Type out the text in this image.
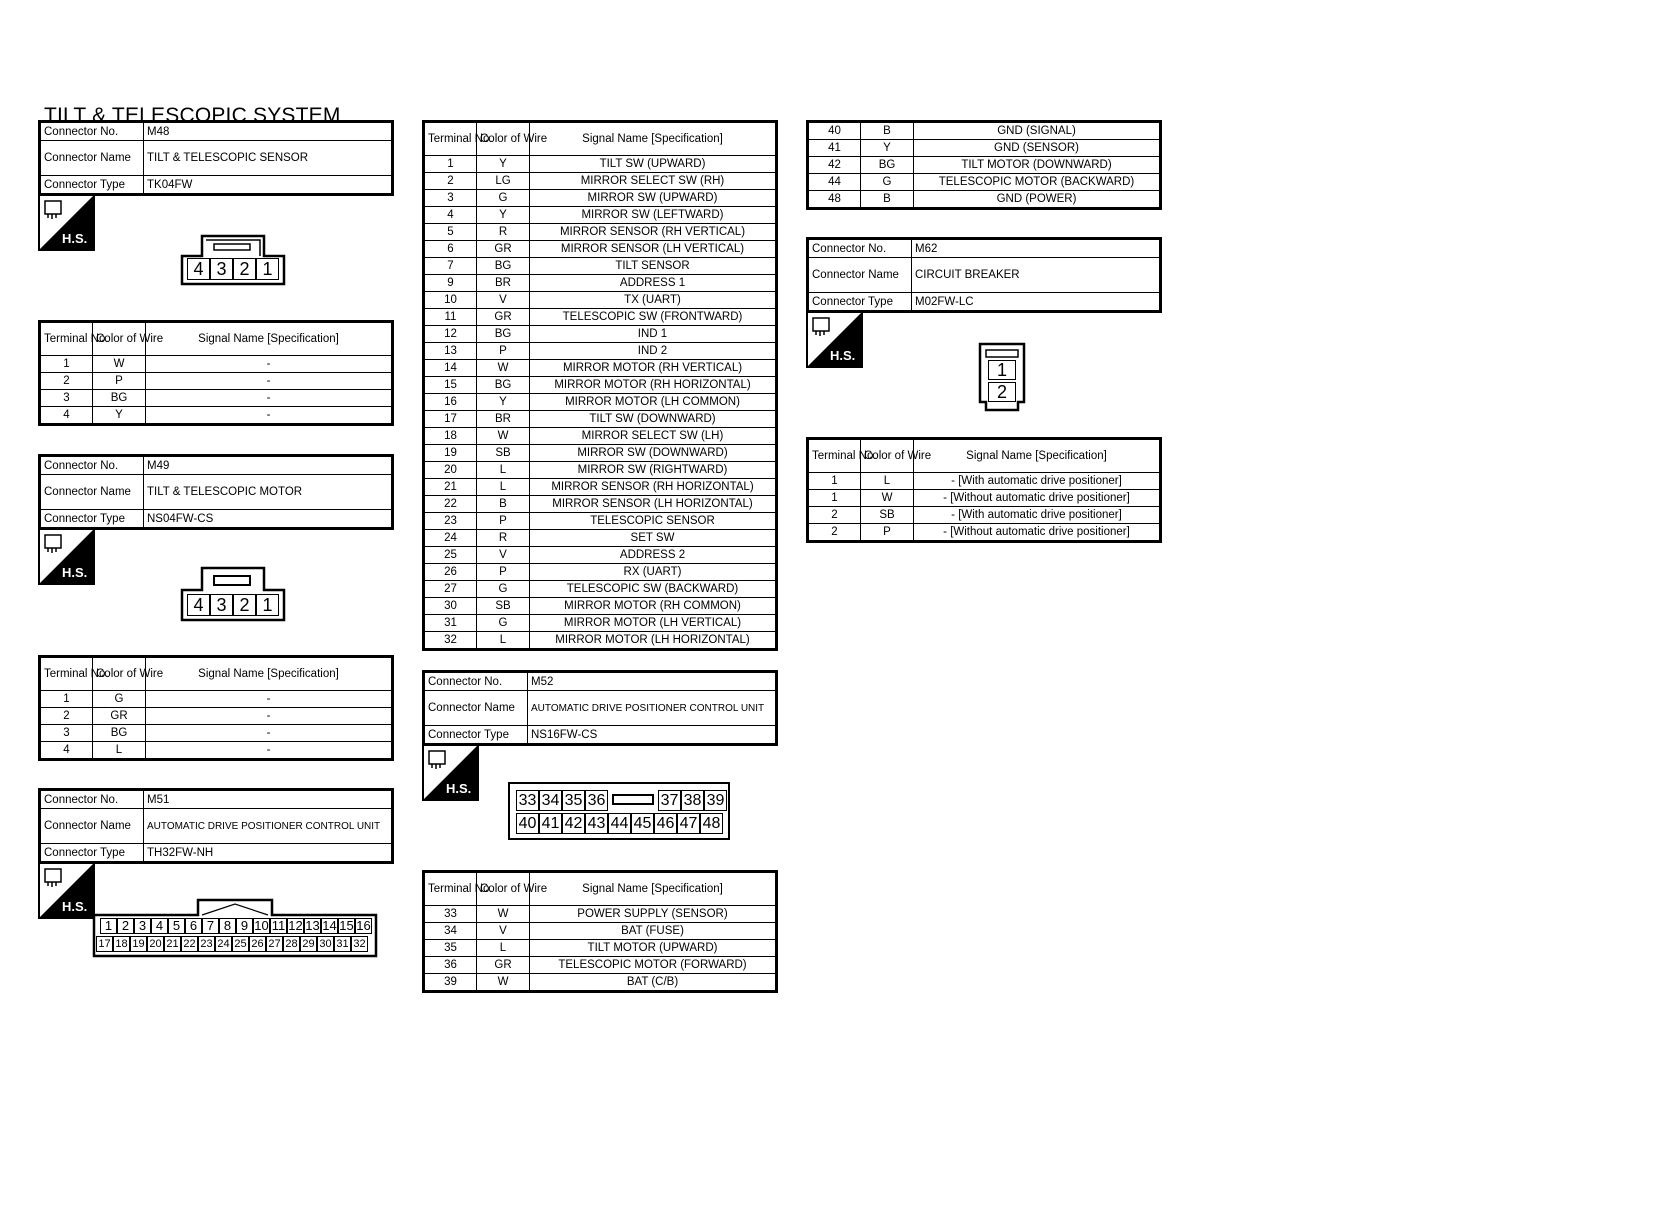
TILT & TELESCOPIC SYSTEM
Connector No.	M48
Connector Name	TILT & TELESCOPIC SENSOR
Connector Type	TK04FW
H.S.
4 3 2 1
Terminal No.	Color of Wire	Signal Name [Specification]
1	W	-
2	P	-
3	BG	-
4	Y	-
Connector No.	M49
Connector Name	TILT & TELESCOPIC MOTOR
Connector Type	NS04FW-CS
H.S.
4 3 2 1
Terminal No.	Color of Wire	Signal Name [Specification]
1	G	-
2	GR	-
3	BG	-
4	L	-
Connector No.	M51
Connector Name	AUTOMATIC DRIVE POSITIONER CONTROL UNIT
Connector Type	TH32FW-NH
H.S.
1 2 3 4 5 6 7 8 9 10 11 12 13 14 15 16
17 18 19 20 21 22 23 24 25 26 27 28 29 30 31 32
Terminal No.	Color of Wire	Signal Name [Specification]
1	Y	TILT SW (UPWARD)
2	LG	MIRROR SELECT SW (RH)
3	G	MIRROR SW (UPWARD)
4	Y	MIRROR SW (LEFTWARD)
5	R	MIRROR SENSOR (RH VERTICAL)
6	GR	MIRROR SENSOR (LH VERTICAL)
7	BG	TILT SENSOR
9	BR	ADDRESS 1
10	V	TX (UART)
11	GR	TELESCOPIC SW (FRONTWARD)
12	BG	IND 1
13	P	IND 2
14	W	MIRROR MOTOR (RH VERTICAL)
15	BG	MIRROR MOTOR (RH HORIZONTAL)
16	Y	MIRROR MOTOR (LH COMMON)
17	BR	TILT SW (DOWNWARD)
18	W	MIRROR SELECT SW (LH)
19	SB	MIRROR SW (DOWNWARD)
20	L	MIRROR SW (RIGHTWARD)
21	L	MIRROR SENSOR (RH HORIZONTAL)
22	B	MIRROR SENSOR (LH HORIZONTAL)
23	P	TELESCOPIC SENSOR
24	R	SET SW
25	V	ADDRESS 2
26	P	RX (UART)
27	G	TELESCOPIC SW (BACKWARD)
30	SB	MIRROR MOTOR (RH COMMON)
31	G	MIRROR MOTOR (LH VERTICAL)
32	L	MIRROR MOTOR (LH HORIZONTAL)
Connector No.	M52
Connector Name	AUTOMATIC DRIVE POSITIONER CONTROL UNIT
Connector Type	NS16FW-CS
H.S.
33 34 35 36	37 38 39
40 41 42 43 44 45 46 47 48
Terminal No.	Color of Wire	Signal Name [Specification]
33	W	POWER SUPPLY (SENSOR)
34	V	BAT (FUSE)
35	L	TILT MOTOR (UPWARD)
36	GR	TELESCOPIC MOTOR (FORWARD)
39	W	BAT (C/B)
40	B	GND (SIGNAL)
41	Y	GND (SENSOR)
42	BG	TILT MOTOR (DOWNWARD)
44	G	TELESCOPIC MOTOR (BACKWARD)
48	B	GND (POWER)
Connector No.	M62
Connector Name	CIRCUIT BREAKER
Connector Type	M02FW-LC
H.S.
1
2
Terminal No.	Color of Wire	Signal Name [Specification]
1	L	- [With automatic drive positioner]
1	W	- [Without automatic drive positioner]
2	SB	- [With automatic drive positioner]
2	P	- [Without automatic drive positioner]
